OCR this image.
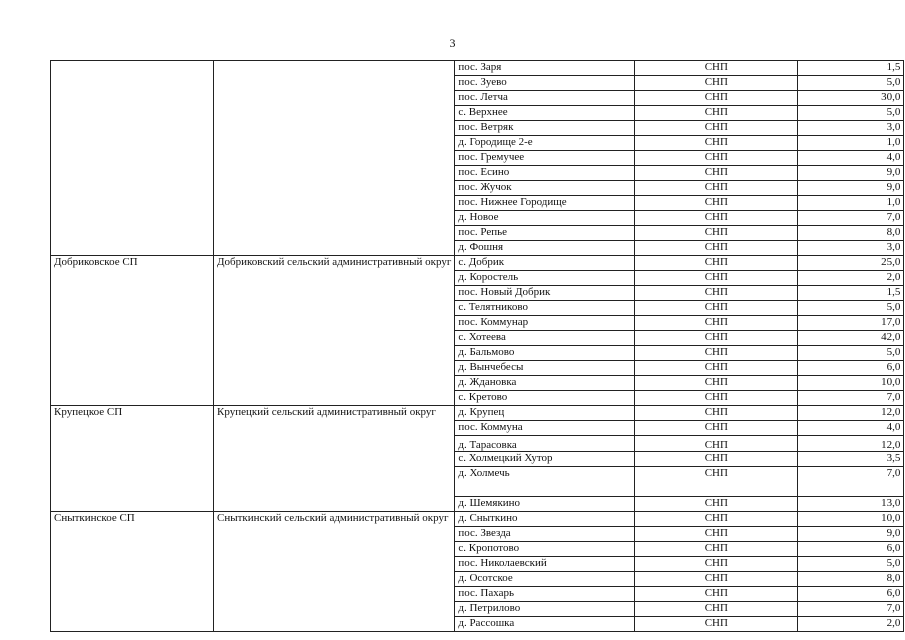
3
		пос. Заря	СНП	1,5
		пос. Зуево	СНП	5,0
		пос. Летча	СНП	30,0
		с. Верхнее	СНП	5,0
		пос. Ветряк	СНП	3,0
		д. Городище 2-е	СНП	1,0
		пос. Гремучее	СНП	4,0
		пос. Есино	СНП	9,0
		пос. Жучок	СНП	9,0
		пос. Нижнее Городище	СНП	1,0
		д. Новое	СНП	7,0
		пос. Репье	СНП	8,0
		д. Фошня	СНП	3,0
Добриковское СП	Добриковский сельский административный округ	с. Добрик	СНП	25,0
		д. Коростель	СНП	2,0
		пос. Новый Добрик	СНП	1,5
		с. Телятниково	СНП	5,0
		пос. Коммунар	СНП	17,0
		с. Хотеева	СНП	42,0
		д. Бальмово	СНП	5,0
		д. Вынчебесы	СНП	6,0
		д. Ждановка	СНП	10,0
		с. Кретово	СНП	7,0
Крупецкое СП	Крупецкий сельский административный округ	д. Крупец	СНП	12,0
		пос. Коммуна	СНП	4,0
		д. Тарасовка	СНП	12,0
		с. Холмецкий Хутор	СНП	3,5
		д. Холмечь	СНП	7,0
		д. Шемякино	СНП	13,0
Сныткинское СП	Сныткинский сельский административный округ	д. Сныткино	СНП	10,0
		пос. Звезда	СНП	9,0
		с. Кропотово	СНП	6,0
		пос. Николаевский	СНП	5,0
		д. Осотское	СНП	8,0
		пос. Пахарь	СНП	6,0
		д. Петрилово	СНП	7,0
		д. Рассошка	СНП	2,0
